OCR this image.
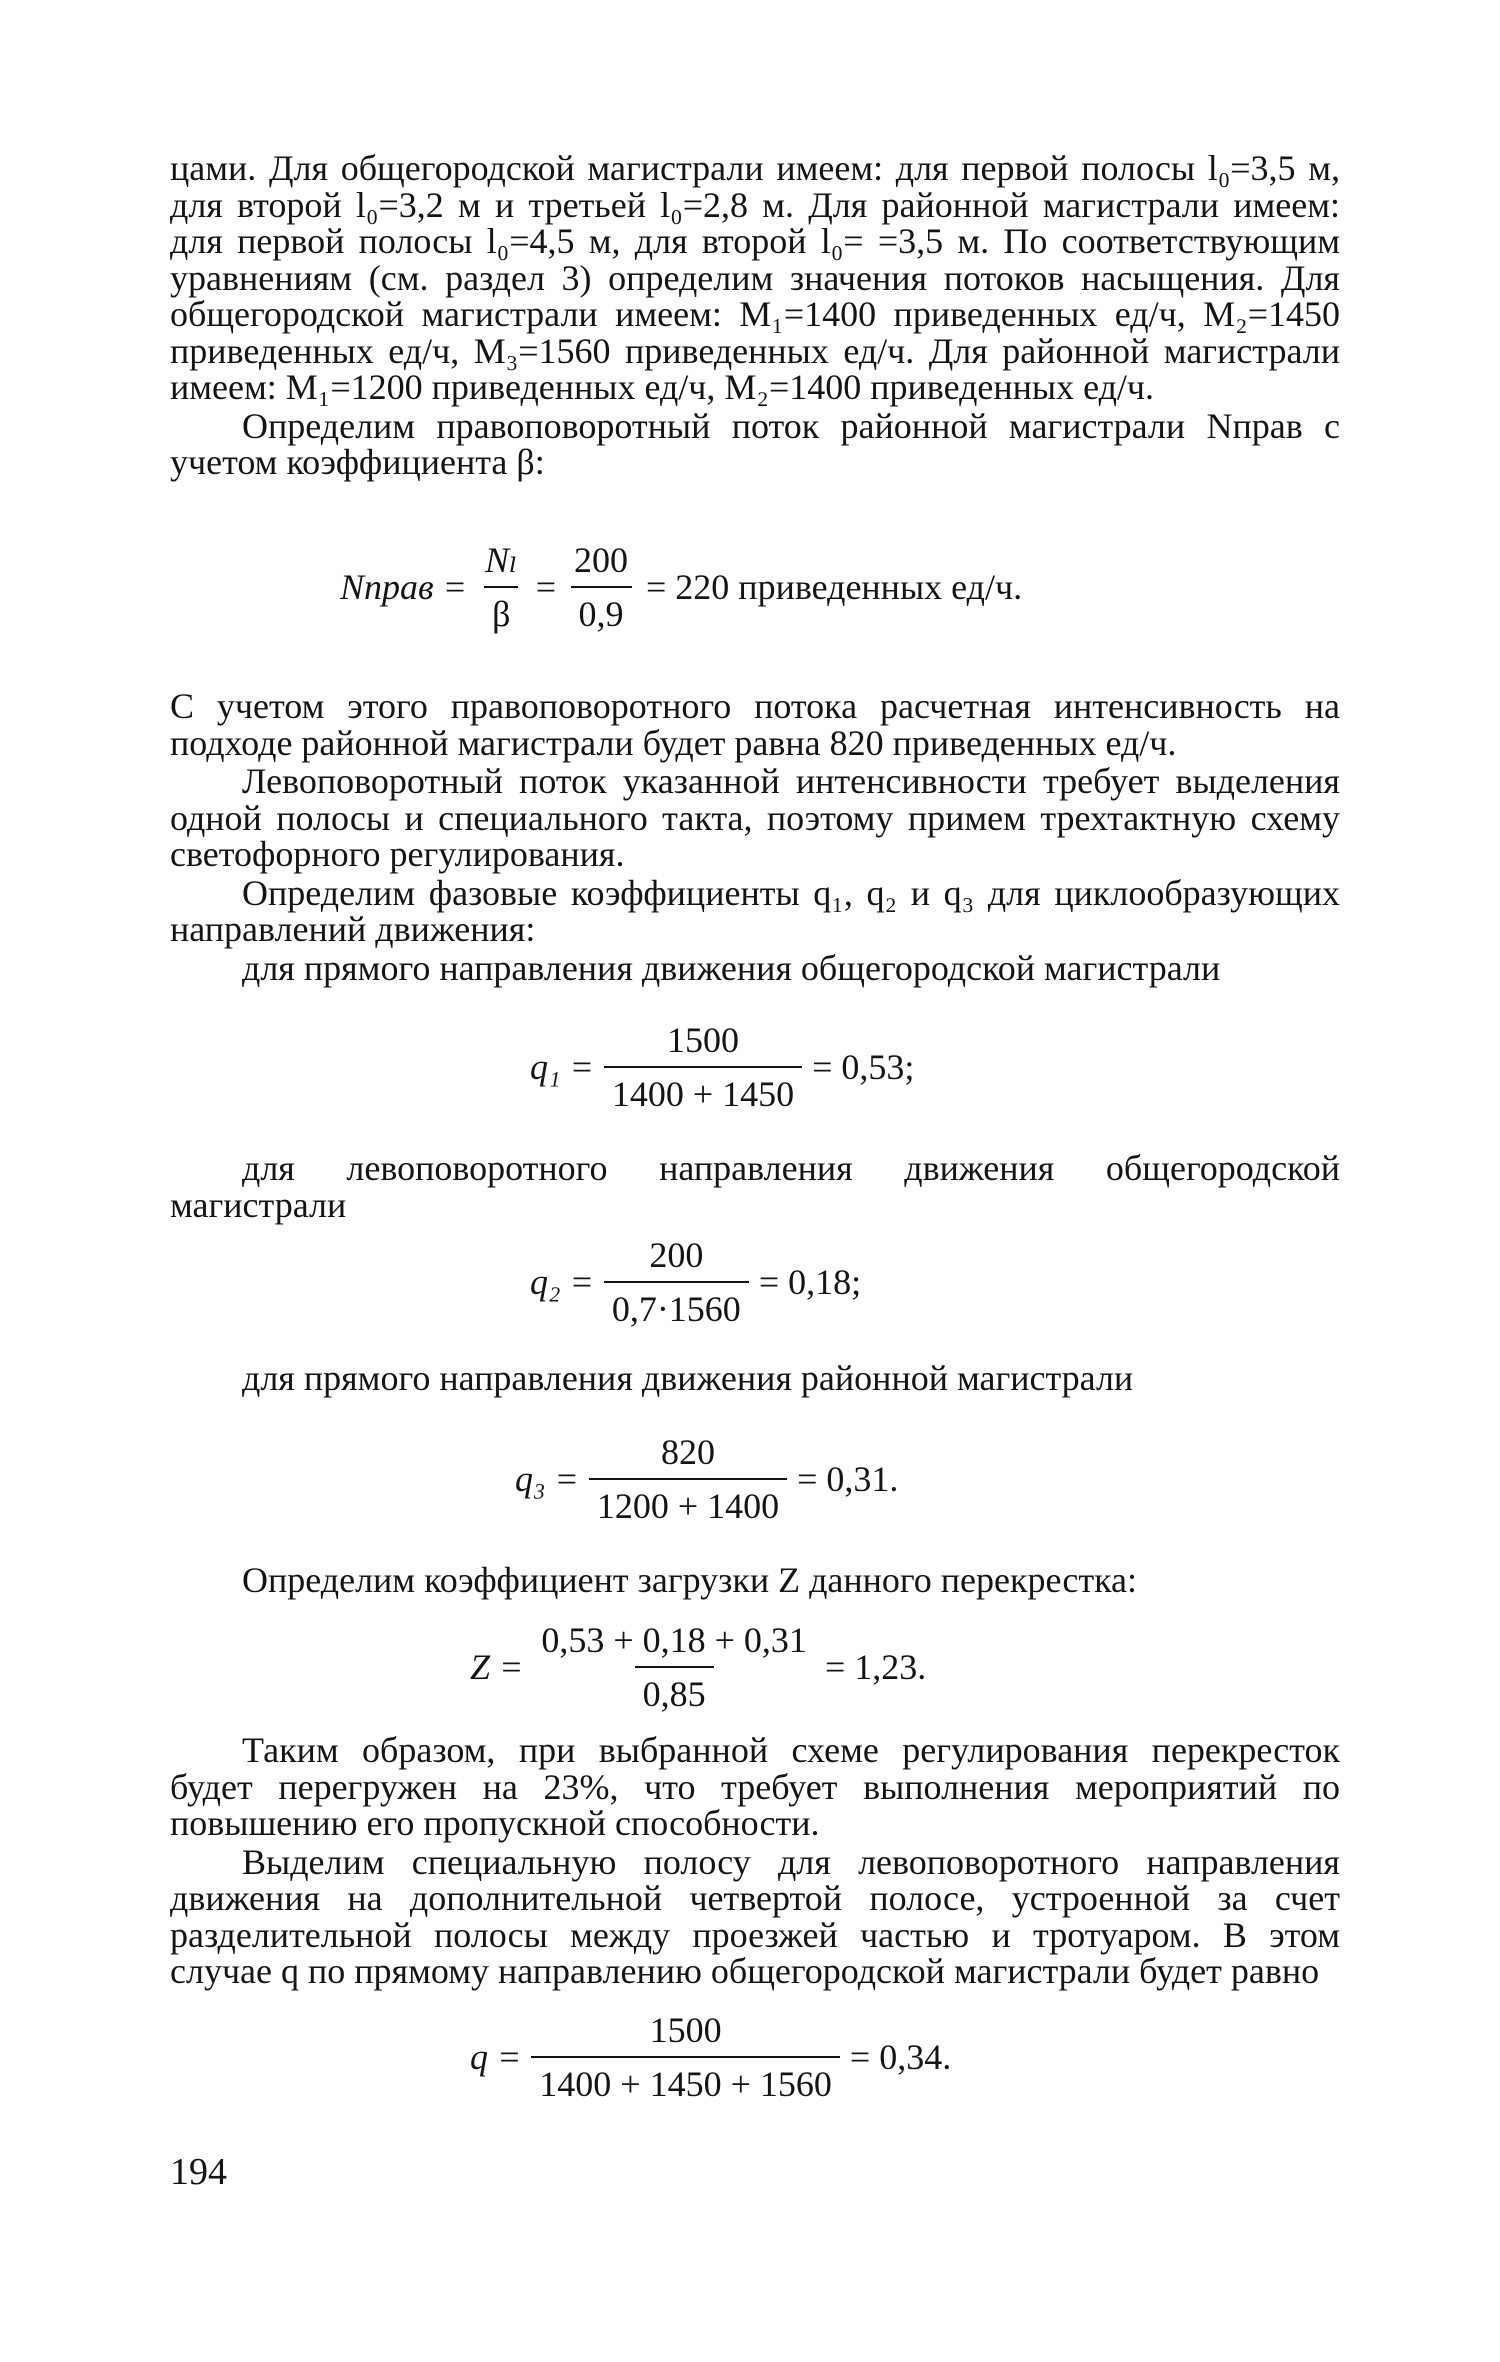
цами. Для общегородской магистрали имеем: для первой полосы l₀=3,5 м, для второй l₀=3,2 м и третьей l₀=2,8 м. Для районной магистрали имеем: для первой полосы l₀=4,5 м, для второй l₀= =3,5 м. По соответствующим уравнениям (см. раздел 3) определим значения потоков насыщения. Для общегородской магистрали имеем: M₁=1400 приведенных ед/ч, M₂=1450 приведенных ед/ч, M₃=1560 приведенных ед/ч. Для районной магистрали имеем: M₁=1200 приведенных ед/ч, M₂=1400 приведенных ед/ч.

Определим правоповоротный поток районной магистрали Nправ с учетом коэффициента β:

Nправ = $\frac{\text{Nₗ}}{\beta} = \frac{200}{0,9} = 220$ приведенных ед/ч.

С учетом этого правоповоротного потока расчетная интенсивность на подходе районной магистрали будет равна 820 приведенных ед/ч.

Левоповоротный поток указанной интенсивности требует выделения одной полосы и специального такта, поэтому примем трехтактную схему светофорного регулирования.

Определим фазовые коэффициенты q₁, q₂ и q₃ для циклообразующих направлений движения:

для прямого направления движения общегородской магистрали

$q_1 = \frac{1500}{1400 + 1450} = 0,53$;

для левоповоротного направления движения общегородской магистрали

$q_2 = \frac{200}{0,7\cdot 1560} = 0,18$;

для прямого направления движения районной магистрали

$q_3 = \frac{820}{1200 + 1400} = 0,31$.

Определим коэффициент загрузки Z данного перекрестка:

$Z = \frac{0,53 + 0,18 + 0,31}{0,85} = 1,23$.

Таким образом, при выбранной схеме регулирования перекресток будет перегружен на 23%, что требует выполнения мероприятий по повышению его пропускной способности.

Выделим специальную полосу для левоповоротного направления движения на дополнительной четвертой полосе, устроенной за счет разделительной полосы между проезжей частью и тротуаром. В этом случае q по прямому направлению общегородской магистрали будет равно

$q = \frac{1500}{1400 + 1450 + 1560} = 0,34$.
194
